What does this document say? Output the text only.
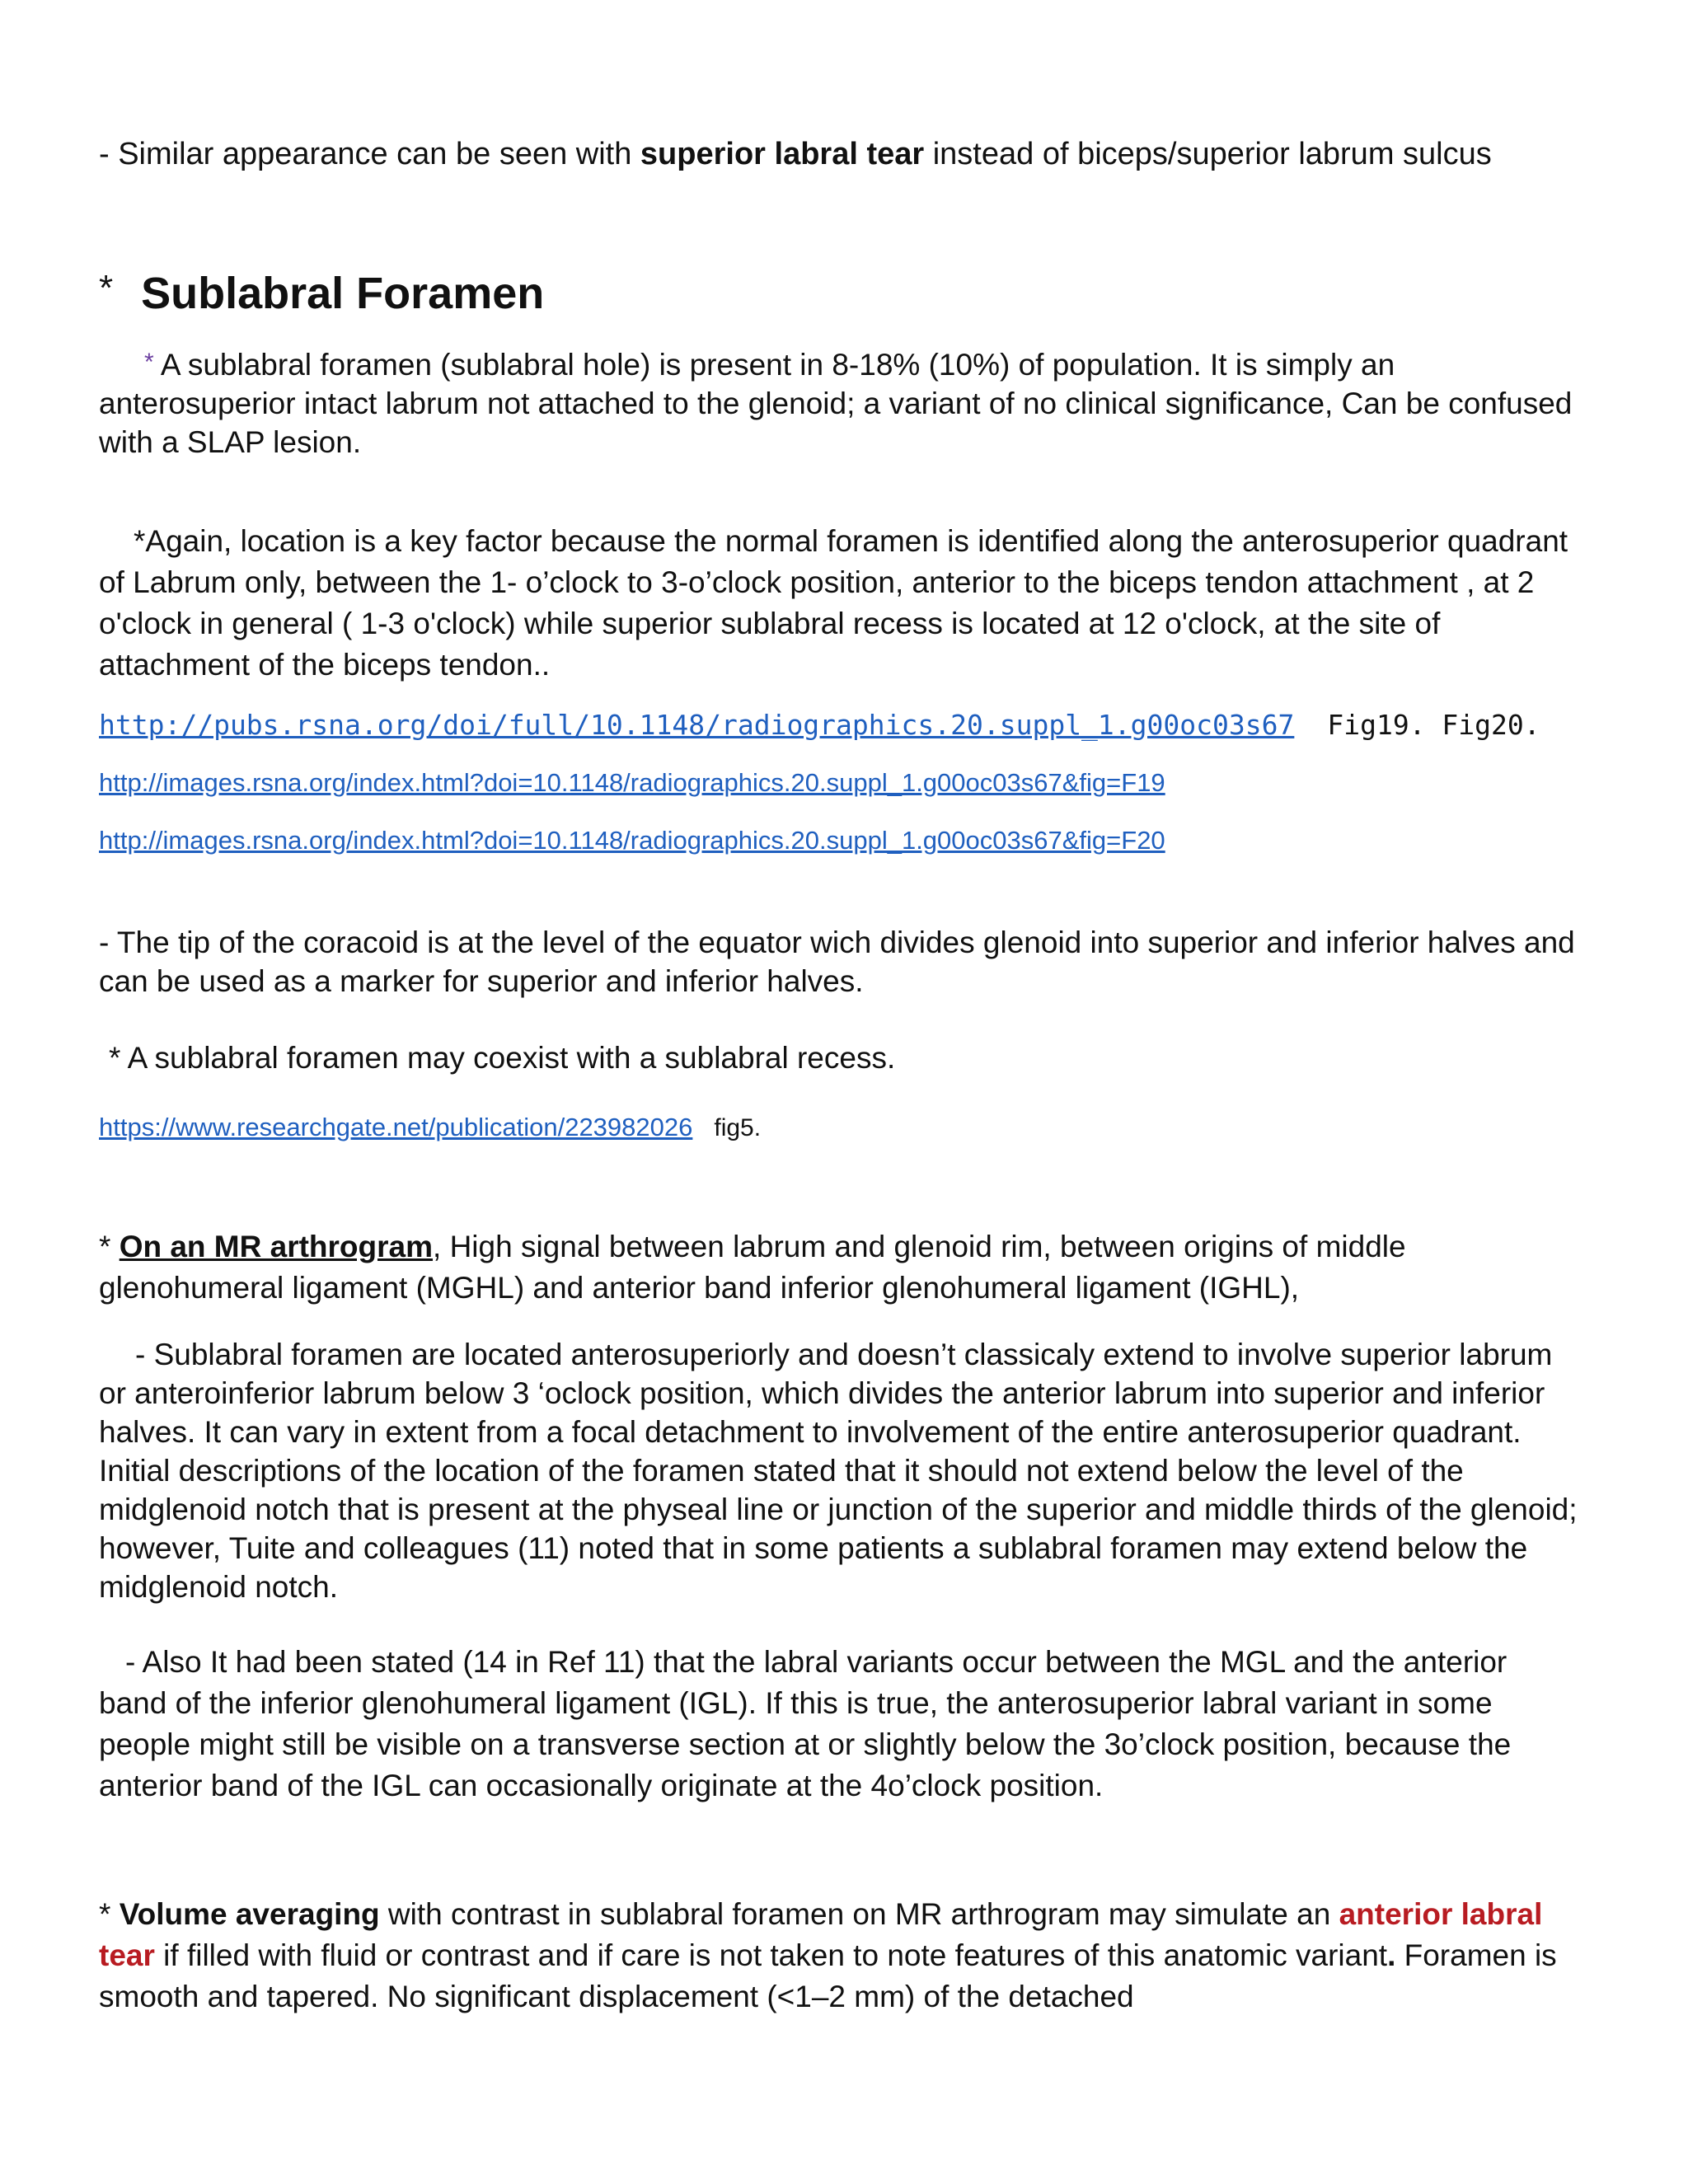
- Similar appearance can be seen with superior labral tear instead of biceps/superior labrum sulcus

* Sublabral Foramen

* A sublabral foramen (sublabral hole) is present in 8-18% (10%) of population. It is simply an anterosuperior intact labrum not attached to the glenoid; a variant of no clinical significance, Can be confused with a SLAP lesion.

*Again, location is a key factor because the normal foramen is identified along the anterosuperior quadrant of Labrum only, between the 1- o’clock to 3-o’clock position, anterior to the biceps tendon attachment , at 2 o'clock in general ( 1-3 o'clock) while superior sublabral recess is located at 12 o'clock, at the site of attachment of the biceps tendon..

http://pubs.rsna.org/doi/full/10.1148/radiographics.20.suppl_1.g00oc03s67 Fig19. Fig20.
http://images.rsna.org/index.html?doi=10.1148/radiographics.20.suppl_1.g00oc03s67&fig=F19
http://images.rsna.org/index.html?doi=10.1148/radiographics.20.suppl_1.g00oc03s67&fig=F20

- The tip of the coracoid is at the level of the equator wich divides glenoid into superior and inferior halves and can be used as a marker for superior and inferior halves.

* A sublabral foramen may coexist with a sublabral recess.

https://www.researchgate.net/publication/223982026 fig5.

* On an MR arthrogram, High signal between labrum and glenoid rim, between origins of middle glenohumeral ligament (MGHL) and anterior band inferior glenohumeral ligament (IGHL),

- Sublabral foramen are located anterosuperiorly and doesn’t classicaly extend to involve superior labrum or anteroinferior labrum below 3 ‘oclock position, which divides the anterior labrum into superior and inferior halves. It can vary in extent from a focal detachment to involvement of the entire anterosuperior quadrant. Initial descriptions of the location of the foramen stated that it should not extend below the level of the midglenoid notch that is present at the physeal line or junction of the superior and middle thirds of the glenoid; however, Tuite and colleagues (11) noted that in some patients a sublabral foramen may extend below the midglenoid notch.

- Also It had been stated (14 in Ref 11) that the labral variants occur between the MGL and the anterior band of the inferior glenohumeral ligament (IGL). If this is true, the anterosuperior labral variant in some people might still be visible on a transverse section at or slightly below the 3o’clock position, because the anterior band of the IGL can occasionally originate at the 4o’clock position.

* Volume averaging with contrast in sublabral foramen on MR arthrogram may simulate an anterior labral tear if filled with fluid or contrast and if care is not taken to note features of this anatomic variant. Foramen is smooth and tapered. No significant displacement (<1–2 mm) of the detached
